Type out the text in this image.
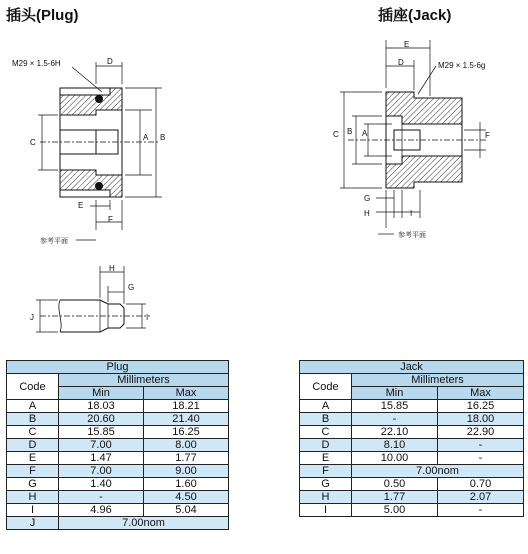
插头(Plug)	插座(Jack)
D
M29 × 1.5-6H
C
A B
E
F
参考平面
H
G
J	I
E
D	M29 × 1.5-6g
C B A	F
G
H	I
参考平面
Plug		
Code	Millimeters	
	Min	Max
A	18.03	18.21
B	20.60	21.40
C	15.85	16.25
D	7.00	8.00
E	1.47	1.77
F	7.00	9.00
G	1.40	1.60
H	-	4.50
I	4.96	5.04
J	7.00nom	
Jack		
Code	Millimeters	
	Min	Max
A	15.85	16.25
B	-	18.00
C	22.10	22.90
D	8.10	-
E	10.00	-
F	7.00nom	
G	0.50	0.70
H	1.77	2.07
I	5.00	-
